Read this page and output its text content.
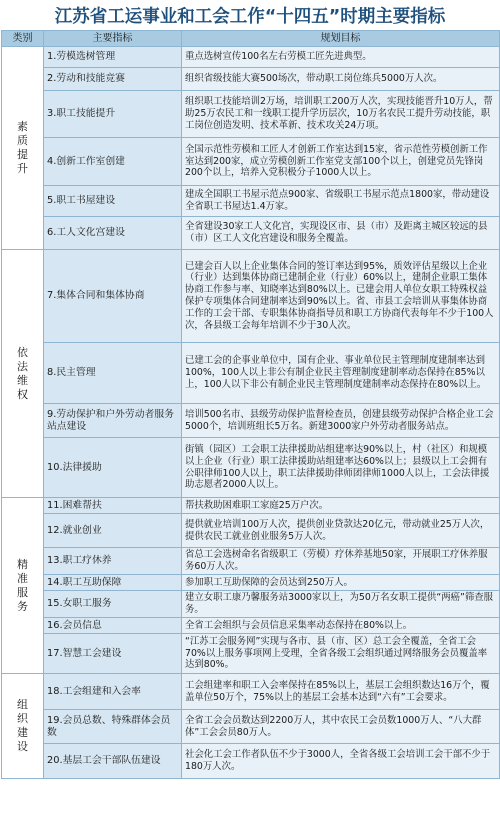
江苏省工运事业和工会工作“十四五”时期主要指标
类别	主要指标	规划目标
素质提升	1.劳模选树管理	重点选树宣传100名左右劳模工匠先进典型。
	2.劳动和技能竞赛	组织省级技能大赛500场次，带动职工岗位练兵5000万人次。
	3.职工技能提升	组织职工技能培训2万场，培训职工200万人次，实现技能晋升10万人，帮助25万农民工和一线职工提升学历层次，10万名农民工提升劳动技能，职工岗位创造发明、技术革新、技术攻关24万项。
	4.创新工作室创建	全国示范性劳模和工匠人才创新工作室达到15家，省示范性劳模创新工作室达到200家，成立劳模创新工作室党支部100个以上，创建党员先锋岗200个以上，培养入党积极分子1000人以上。
	5.职工书屋建设	建成全国职工书屋示范点900家、省级职工书屋示范点1800家，带动建设全省职工书屋达1.4万家。
	6.工人文化宫建设	全省建设30家工人文化宫，实现设区市、县（市）及距离主城区较远的县（市）区工人文化宫建设和服务全覆盖。
依法维权	7.集体合同和集体协商	已建会百人以上企业集体合同的签订率达到95%，质效评估星级以上企业（行业）达到集体协商已建制企业（行业）60%以上，建制企业职工集体协商工作参与率、知晓率达到80%以上。已建会用人单位女职工特殊权益保护专项集体合同建制率达到90%以上。省、市县工会培训从事集体协商工作的工会干部、专职集体协商指导员和职工方协商代表每年不少于100人次，各县级工会每年培训不少于30人次。
	8.民主管理	已建工会的企事业单位中，国有企业、事业单位民主管理制度建制率达到100%，100人以上非公有制企业民主管理制度建制率动态保持在85%以上，100人以下非公有制企业民主管理制度建制率动态保持在80%以上。
	9.劳动保护和户外劳动者服务站点建设	培训500名市、县级劳动保护监督检查员，创建县级劳动保护合格企业工会5000个，培训班组长5万名。新建3000家户外劳动者服务站点。
	10.法律援助	街镇（园区）工会职工法律援助站组建率达90%以上，村（社区）和规模以上企业（行业）职工法律援助站组建率达60%以上；县级以上工会拥有公职律师100人以上，职工法律援助律师团律师1000人以上，工会法律援助志愿者2000人以上。
精准服务	11.困难帮扶	帮扶救助困难职工家庭25万户次。
	12.就业创业	提供就业培训100万人次，提供创业贷款达20亿元，带动就业25万人次，提供农民工就业创业服务5万人次。
	13.职工疗休养	省总工会选树命名省级职工（劳模）疗休养基地50家，开展职工疗休养服务60万人次。
	14.职工互助保障	参加职工互助保障的会员达到250万人。
	15.女职工服务	建立女职工康乃馨服务站3000家以上，为50万名女职工提供“两癌”筛查服务。
	16.会员信息	全省工会组织与会员信息采集率动态保持在80%以上。
	17.智慧工会建设	“江苏工会服务网”实现与各市、县（市、区）总工会全覆盖，全省工会70%以上服务事项网上受理，全省各级工会组织通过网络服务会员覆盖率达到80%。
组织建设	18.工会组建和入会率	工会组建率和职工入会率保持在85%以上，基层工会组织数达16万个，覆盖单位50万个，75%以上的基层工会基本达到“六有”工会要求。
	19.会员总数、特殊群体会员数	全省工会会员数达到2200万人，其中农民工会员数1000万人、“八大群体”工会会员80万人。
	20.基层工会干部队伍建设	社会化工会工作者队伍不少于3000人，全省各级工会培训工会干部不少于180万人次。
